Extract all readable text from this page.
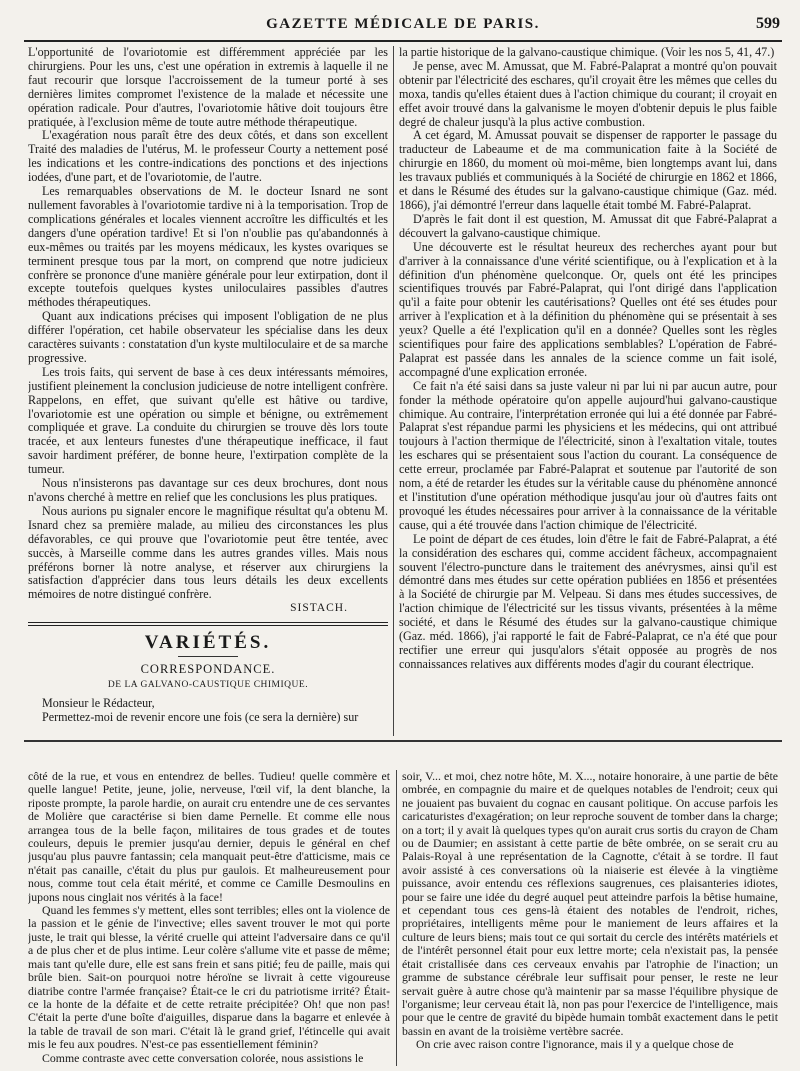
GAZETTE MÉDICALE DE PARIS.	599

L'opportunité de l'ovariotomie est différemment appréciée par les chirurgiens. Pour les uns, c'est une opération in extremis à laquelle il ne faut recourir que lorsque l'accroissement de la tumeur porté à ses dernières limites compromet l'existence de la malade et nécessite une opération radicale. Pour d'autres, l'ovariotomie hâtive doit toujours être pratiquée, à l'exclusion même de toute autre méthode thérapeutique.

L'exagération nous paraît être des deux côtés, et dans son excellent Traité des maladies de l'utérus, M. le professeur Courty a nettement posé les indications et les contre-indications des ponctions et des injections iodées, d'une part, et de l'ovariotomie, de l'autre.

Les remarquables observations de M. le docteur Isnard ne sont nullement favorables à l'ovariotomie tardive ni à la temporisation. Trop de complications générales et locales viennent accroître les difficultés et les dangers d'une opération tardive! Et si l'on n'oublie pas qu'abandonnés à eux-mêmes ou traités par les moyens médicaux, les kystes ovariques se terminent presque tous par la mort, on comprend que notre judicieux confrère se prononce d'une manière générale pour leur extirpation, dont il excepte toutefois quelques kystes uniloculaires passibles d'autres méthodes thérapeutiques.

Quant aux indications précises qui imposent l'obligation de ne plus différer l'opération, cet habile observateur les spécialise dans les deux caractères suivants : constatation d'un kyste multiloculaire et de sa marche progressive.

Les trois faits, qui servent de base à ces deux intéressants mémoires, justifient pleinement la conclusion judicieuse de notre intelligent confrère. Rappelons, en effet, que suivant qu'elle est hâtive ou tardive, l'ovariotomie est une opération ou simple et bénigne, ou extrêmement compliquée et grave. La conduite du chirurgien se trouve dès lors toute tracée, et aux lenteurs funestes d'une thérapeutique inefficace, il faut savoir hardiment préférer, de bonne heure, l'extirpation complète de la tumeur.

Nous n'insisterons pas davantage sur ces deux brochures, dont nous n'avons cherché à mettre en relief que les conclusions les plus pratiques.

Nous aurions pu signaler encore le magnifique résultat qu'a obtenu M. Isnard chez sa première malade, au milieu des circonstances les plus défavorables, ce qui prouve que l'ovariotomie peut être tentée, avec succès, à Marseille comme dans les autres grandes villes. Mais nous préférons borner là notre analyse, et réserver aux chirurgiens la satisfaction d'apprécier dans tous leurs détails les deux excellents mémoires de notre distingué confrère.

SISTACH.
VARIÉTÉS.
CORRESPONDANCE.
DE LA GALVANO-CAUSTIQUE CHIMIQUE.

Monsieur le Rédacteur,

Permettez-moi de revenir encore une fois (ce sera la dernière) sur

la partie historique de la galvano-caustique chimique. (Voir les nos 5, 41, 47.)

Je pense, avec M. Amussat, que M. Fabré-Palaprat a montré qu'on pouvait obtenir par l'électricité des eschares, qu'il croyait être les mêmes que celles du moxa, tandis qu'elles étaient dues à l'action chimique du courant; il croyait en effet avoir trouvé dans la galvanisme le moyen d'obtenir depuis le plus faible degré de chaleur jusqu'à la plus active combustion.

A cet égard, M. Amussat pouvait se dispenser de rapporter le passage du traducteur de Labeaume et de ma communication faite à la Société de chirurgie en 1860, du moment où moi-même, bien longtemps avant lui, dans les travaux publiés et communiqués à la Société de chirurgie en 1862 et 1866, et dans le Résumé des études sur la galvano-caustique chimique (Gaz. méd. 1866), j'ai démontré l'erreur dans laquelle était tombé M. Fabré-Palaprat.

D'après le fait dont il est question, M. Amussat dit que Fabré-Palaprat a découvert la galvano-caustique chimique.

Une découverte est le résultat heureux des recherches ayant pour but d'arriver à la connaissance d'une vérité scientifique, ou à l'explication et à la définition d'un phénomène quelconque. Or, quels ont été les principes scientifiques trouvés par Fabré-Palaprat, qui l'ont dirigé dans l'application qu'il a faite pour obtenir les cautérisations? Quelles ont été ses études pour arriver à l'explication et à la définition du phénomène qui se présentait à ses yeux? Quelle a été l'explication qu'il en a donnée? Quelles sont les règles scientifiques pour faire des applications semblables? L'opération de Fabré-Palaprat est passée dans les annales de la science comme un fait isolé, accompagné d'une explication erronée.

Ce fait n'a été saisi dans sa juste valeur ni par lui ni par aucun autre, pour fonder la méthode opératoire qu'on appelle aujourd'hui galvano-caustique chimique. Au contraire, l'interprétation erronée qui lui a été donnée par Fabré-Palaprat s'est répandue parmi les physiciens et les médecins, qui ont attribué toujours à l'action thermique de l'électricité, sinon à l'exaltation vitale, toutes les eschares qui se présentaient sous l'action du courant. La conséquence de cette erreur, proclamée par Fabré-Palaprat et soutenue par l'autorité de son nom, a été de retarder les études sur la véritable cause du phénomène annoncé et l'institution d'une opération méthodique jusqu'au jour où d'autres faits ont provoqué les études nécessaires pour arriver à la connaissance de la véritable cause, qui a été trouvée dans l'action chimique de l'électricité.

Le point de départ de ces études, loin d'être le fait de Fabré-Palaprat, a été la considération des eschares qui, comme accident fâcheux, accompagnaient souvent l'électro-puncture dans le traitement des anévrysmes, ainsi qu'il est démontré dans mes études sur cette opération publiées en 1856 et présentées à la Société de chirurgie par M. Velpeau. Si dans mes études successives, de l'action chimique de l'électricité sur les tissus vivants, présentées à la même société, et dans le Résumé des études sur la galvano-caustique chimique (Gaz. méd. 1866), j'ai rapporté le fait de Fabré-Palaprat, ce n'a été que pour rectifier une erreur qui jusqu'alors s'était opposée au progrès de nos connaissances relatives aux différents modes d'agir du courant électrique.

côté de la rue, et vous en entendrez de belles. Tudieu! quelle commère et quelle langue! Petite, jeune, jolie, nerveuse, l'œil vif, la dent blanche, la riposte prompte, la parole hardie, on aurait cru entendre une de ces servantes de Molière que caractérise si bien dame Pernelle. Et comme elle nous arrangea tous de la belle façon, militaires de tous grades et de toutes couleurs, depuis le premier jusqu'au dernier, depuis le général en chef jusqu'au plus pauvre fantassin; cela manquait peut-être d'atticisme, mais ce n'était pas canaille, c'était du plus pur gaulois. Et malheureusement pour nous, comme tout cela était mérité, et comme ce Camille Desmoulins en jupons nous cinglait nos vérités à la face!

Quand les femmes s'y mettent, elles sont terribles; elles ont la violence de la passion et le génie de l'invective; elles savent trouver le mot qui porte juste, le trait qui blesse, la vérité cruelle qui atteint l'adversaire dans ce qu'il a de plus cher et de plus intime. Leur colère s'allume vite et passe de même; mais tant qu'elle dure, elle est sans frein et sans pitié; feu de paille, mais qui brûle bien. Sait-on pourquoi notre héroïne se livrait à cette vigoureuse diatribe contre l'armée française? Était-ce le cri du patriotisme irrité? Était-ce la honte de la défaite et de cette retraite précipitée? Oh! que non pas! C'était la perte d'une boîte d'aiguilles, disparue dans la bagarre et enlevée à la table de travail de son mari. C'était là le grand grief, l'étincelle qui avait mis le feu aux poudres. N'est-ce pas essentiellement féminin?

Comme contraste avec cette conversation colorée, nous assistions le

soir, V... et moi, chez notre hôte, M. X..., notaire honoraire, à une partie de bête ombrée, en compagnie du maire et de quelques notables de l'endroit; ceux qui ne jouaient pas buvaient du cognac en causant politique. On accuse parfois les caricaturistes d'exagération; on leur reproche souvent de tomber dans la charge; on a tort; il y avait là quelques types qu'on aurait crus sortis du crayon de Cham ou de Daumier; en assistant à cette partie de bête ombrée, on se serait cru au Palais-Royal à une représentation de la Cagnotte, c'était à se tordre. Il faut avoir assisté à ces conversations où la niaiserie est élevée à la vingtième puissance, avoir entendu ces réflexions saugrenues, ces plaisanteries idiotes, pour se faire une idée du degré auquel peut atteindre parfois la bêtise humaine, et cependant tous ces gens-là étaient des notables de l'endroit, riches, propriétaires, intelligents même pour le maniement de leurs affaires et la culture de leurs biens; mais tout ce qui sortait du cercle des intérêts matériels et de l'intérêt personnel était pour eux lettre morte; cela n'existait pas, la pensée était cristallisée dans ces cerveaux envahis par l'atrophie de l'inaction; un gramme de substance cérébrale leur suffisait pour penser, le reste ne leur servait guère à autre chose qu'à maintenir par sa masse l'équilibre physique de l'organisme; leur cerveau était là, non pas pour l'exercice de l'intelligence, mais pour que le centre de gravité du bipède humain tombât exactement dans le petit bassin en avant de la troisième vertèbre sacrée.

On crie avec raison contre l'ignorance, mais il y a quelque chose de
